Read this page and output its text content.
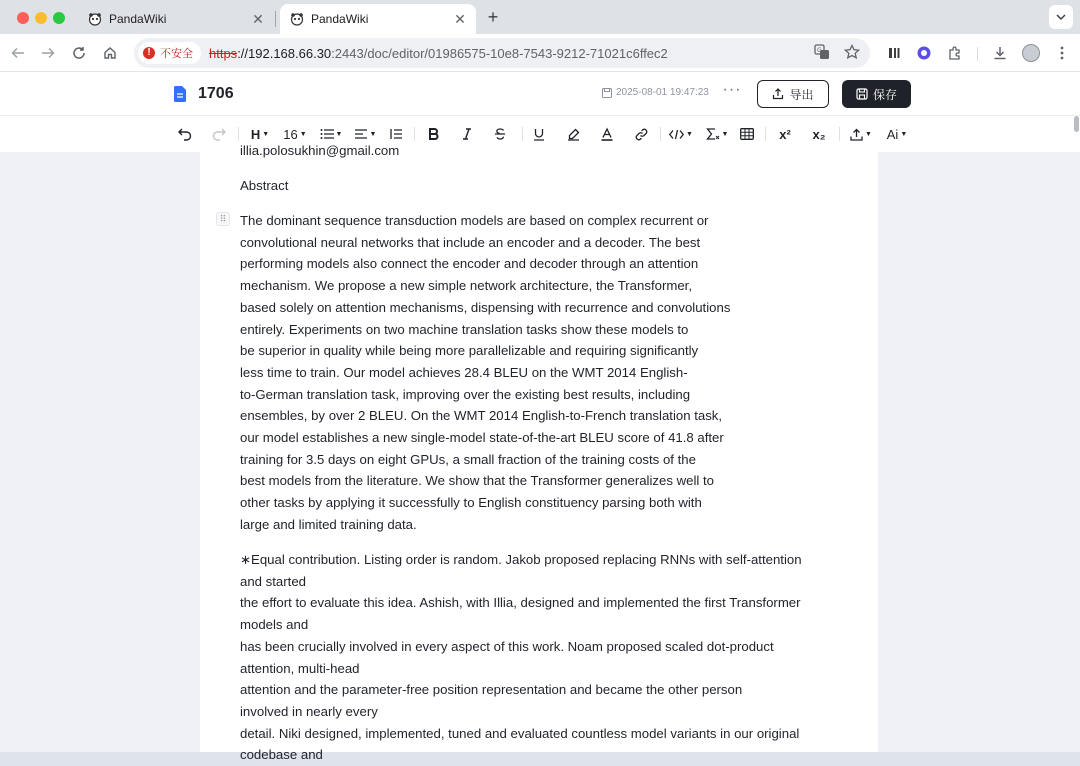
PandaWiki	✕	PandaWiki	✕ +
! 不安全 https://192.168.66.30:2443/doc/editor/01986575-10e8-7543-9212-71021c6ffec2	G
1706	2025-08-01 19:47:23 ···	导出	保存
H ▼ 16 ▼	▼	▼	▼	▼	x² x₂	▼ Ai ▼
illia.polosukhin@gmail.com
Abstract
⠿ The dominant sequence transduction models are based on complex recurrent or
convolutional neural networks that include an encoder and a decoder. The best
performing models also connect the encoder and decoder through an attention
mechanism. We propose a new simple network architecture, the Transformer,
based solely on attention mechanisms, dispensing with recurrence and convolutions
entirely. Experiments on two machine translation tasks show these models to
be superior in quality while being more parallelizable and requiring significantly
less time to train. Our model achieves 28.4 BLEU on the WMT 2014 English-
to-German translation task, improving over the existing best results, including
ensembles, by over 2 BLEU. On the WMT 2014 English-to-French translation task,
our model establishes a new single-model state-of-the-art BLEU score of 41.8 after
training for 3.5 days on eight GPUs, a small fraction of the training costs of the
best models from the literature. We show that the Transformer generalizes well to
other tasks by applying it successfully to English constituency parsing both with
large and limited training data.
∗Equal contribution. Listing order is random. Jakob proposed replacing RNNs with self-attention
and started
the effort to evaluate this idea. Ashish, with Illia, designed and implemented the first Transformer
models and
has been crucially involved in every aspect of this work. Noam proposed scaled dot-product
attention, multi-head
attention and the parameter-free position representation and became the other person
involved in nearly every
detail. Niki designed, implemented, tuned and evaluated countless model variants in our original
codebase and
